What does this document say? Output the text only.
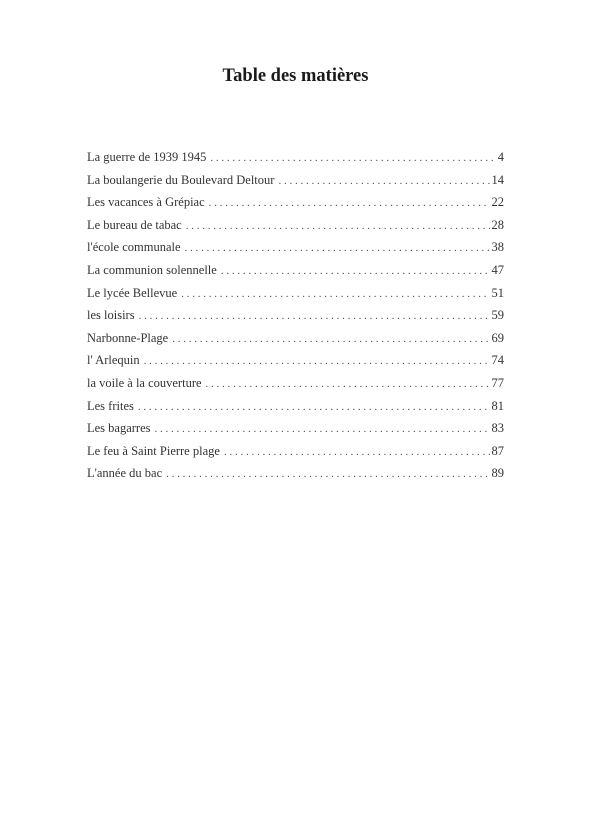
Table des matières
La guerre de 1939 1945 . . .	4
La boulangerie du Boulevard Deltour . . .	14
Les vacances à Grépiac . . .	22
Le bureau de tabac . . .	28
l'école communale . . .	38
La communion solennelle . . .	47
Le lycée Bellevue . . .	51
les loisirs . . .	59
Narbonne-Plage . . .	69
l' Arlequin . . .	74
la voile à la couverture . . .	77
Les frites . . .	81
Les bagarres . . .	83
Le feu à Saint Pierre plage . . .	87
L'année du bac . . .	89
